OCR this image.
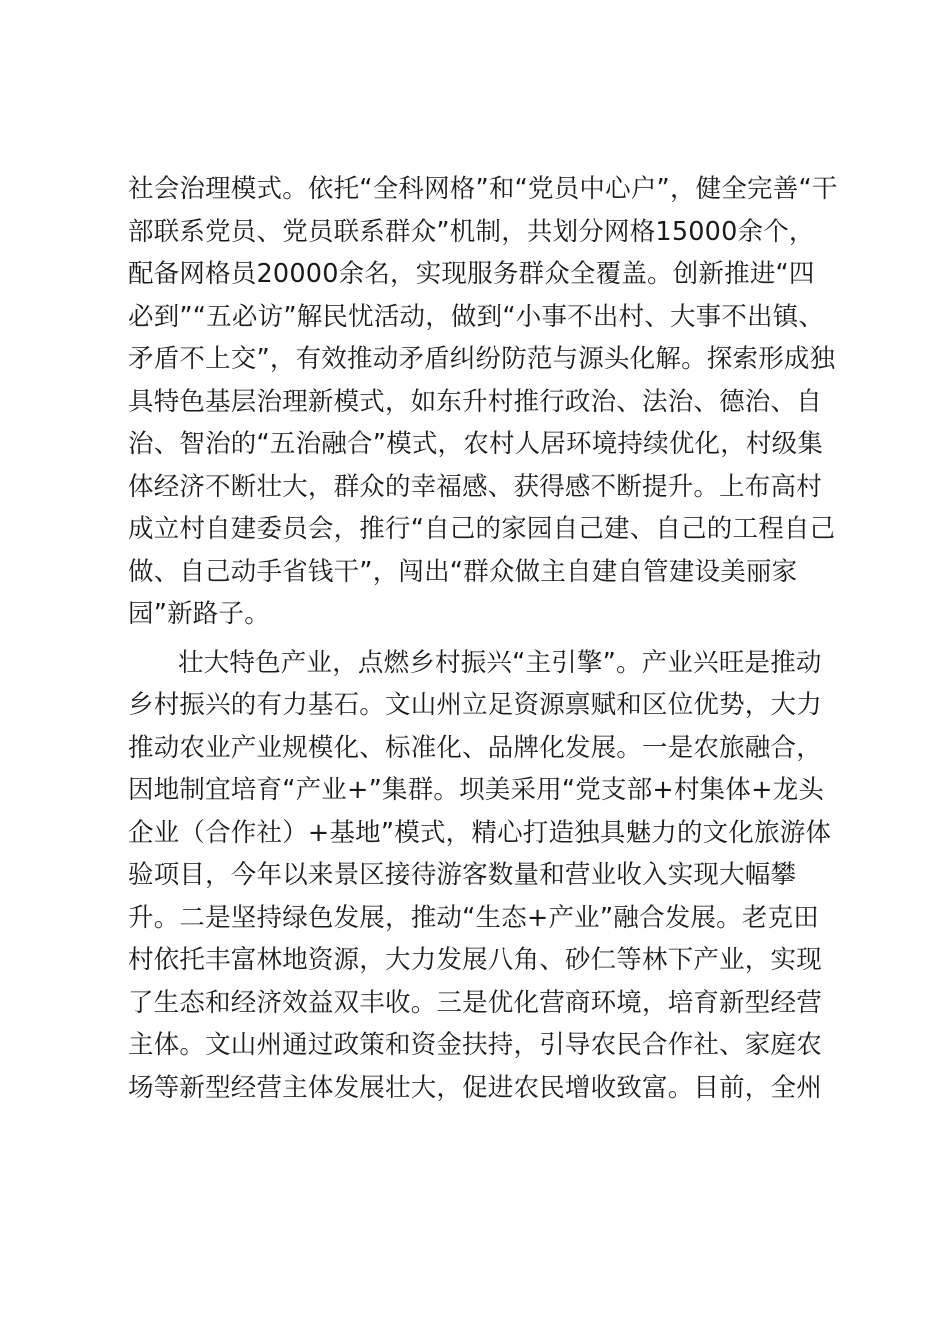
社会治理模式。依托“全科网格”和“党员中心户”，健全完善“干
部联系党员、党员联系群众”机制，共划分网格15000余个，
配备网格员20000余名，实现服务群众全覆盖。创新推进“四
必到”“五必访”解民忧活动，做到“小事不出村、大事不出镇、
矛盾不上交”，有效推动矛盾纠纷防范与源头化解。探索形成独
具特色基层治理新模式，如东升村推行政治、法治、德治、自
治、智治的“五治融合”模式，农村人居环境持续优化，村级集
体经济不断壮大，群众的幸福感、获得感不断提升。上布高村
成立村自建委员会，推行“自己的家园自己建、自己的工程自己
做、自己动手省钱干”，闯出“群众做主自建自管建设美丽家
园”新路子。
壮大特色产业，点燃乡村振兴“主引擎”。产业兴旺是推动
乡村振兴的有力基石。文山州立足资源禀赋和区位优势，大力
推动农业产业规模化、标准化、品牌化发展。一是农旅融合，
因地制宜培育“产业+”集群。坝美采用“党支部+村集体+龙头
企业（合作社）+基地”模式，精心打造独具魅力的文化旅游体
验项目，今年以来景区接待游客数量和营业收入实现大幅攀
升。二是坚持绿色发展，推动“生态+产业”融合发展。老克田
村依托丰富林地资源，大力发展八角、砂仁等林下产业，实现
了生态和经济效益双丰收。三是优化营商环境，培育新型经营
主体。文山州通过政策和资金扶持，引导农民合作社、家庭农
场等新型经营主体发展壮大，促进农民增收致富。目前，全州
